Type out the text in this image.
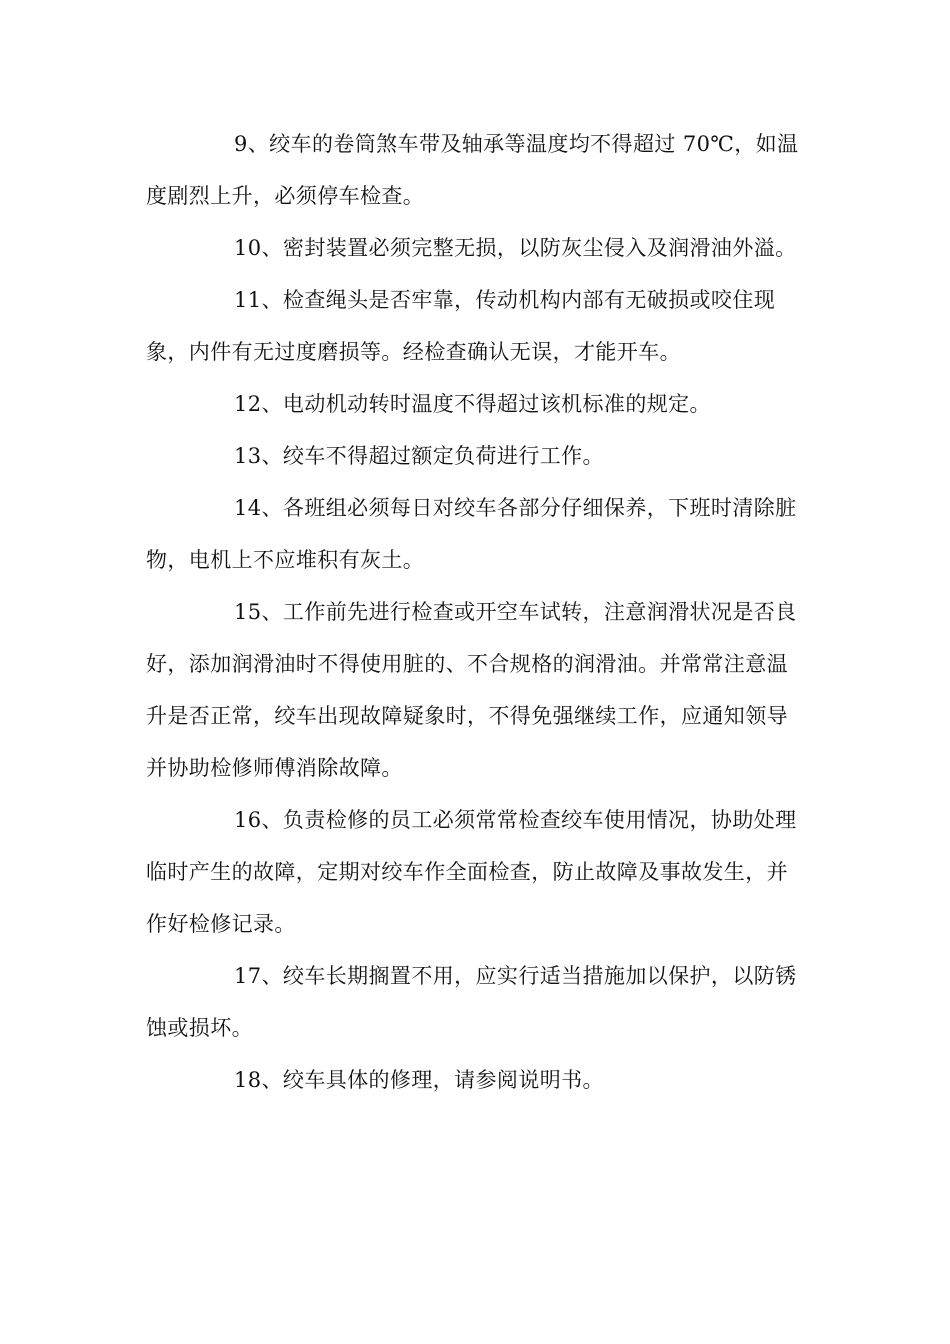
9、绞车的卷筒煞车带及轴承等温度均不得超过 70℃，如温度剧烈上升，必须停车检查。

10、密封装置必须完整无损，以防灰尘侵入及润滑油外溢。

11、检查绳头是否牢靠，传动机构内部有无破损或咬住现象，内件有无过度磨损等。经检查确认无误，才能开车。

12、电动机动转时温度不得超过该机标准的规定。

13、绞车不得超过额定负荷进行工作。

14、各班组必须每日对绞车各部分仔细保养，下班时清除脏物，电机上不应堆积有灰土。

15、工作前先进行检查或开空车试转，注意润滑状况是否良好，添加润滑油时不得使用脏的、不合规格的润滑油。并常常注意温升是否正常，绞车出现故障疑象时，不得免强继续工作，应通知领导并协助检修师傅消除故障。

16、负责检修的员工必须常常检查绞车使用情况，协助处理临时产生的故障，定期对绞车作全面检查，防止故障及事故发生，并作好检修记录。

17、绞车长期搁置不用，应实行适当措施加以保护，以防锈蚀或损坏。

18、绞车具体的修理，请参阅说明书。
